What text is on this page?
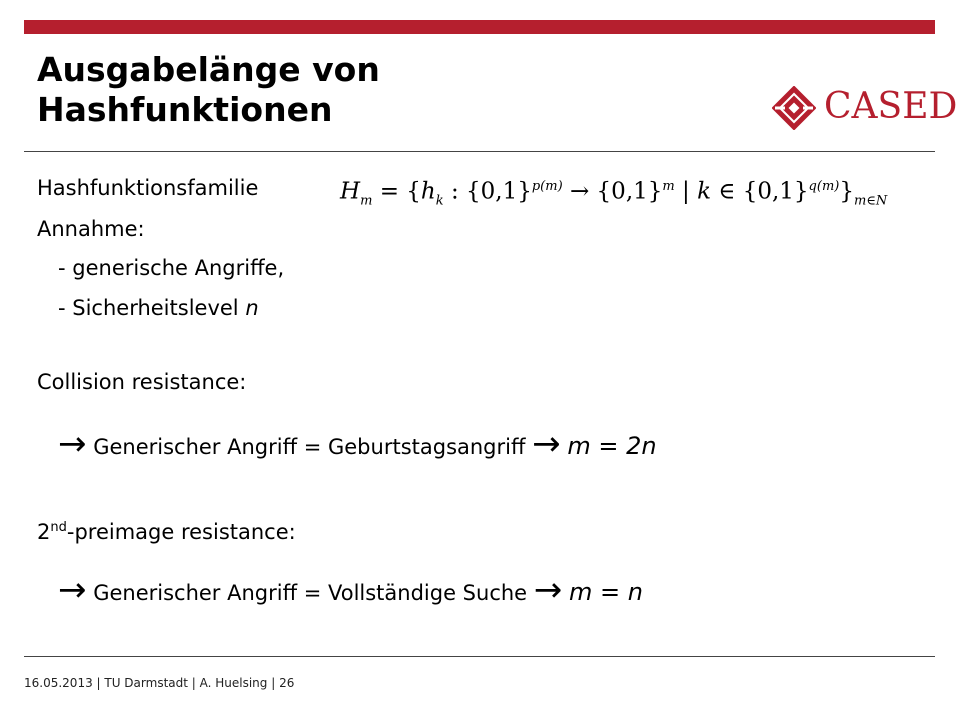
Ausgabelänge von
Hashfunktionen	CASED
Hashfunktionsfamilie	$H_m = \{h_k$ : $\{0,1\}^{p(m)} \to \{0,1\}^m$ | k ∈ $\{0,1\}^{q(m)}\}_{m\in N}$
Annahme:
- generische Angriffe,
- Sicherheitslevel n
Collision resistance:
→ Generischer Angriff = Geburtstagsangriff → m = 2n
2nd-preimage resistance:
→ Generischer Angriff = Vollständige Suche → m = n
16.05.2013 | TU Darmstadt | A. Huelsing | 26
